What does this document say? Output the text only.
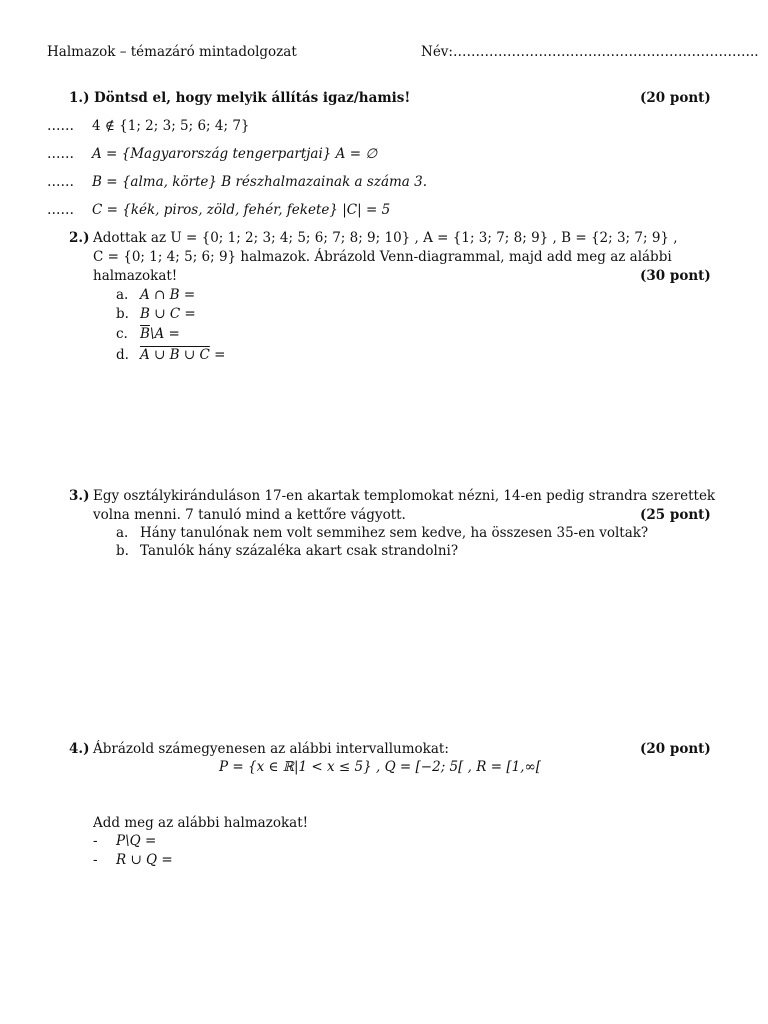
Halmazok – témazáró mintadolgozat	Név:…………………………………………………………..
1.) Döntsd el, hogy melyik állítás igaz/hamis!	(20 pont)
…… 4 ∉ {1; 2; 3; 5; 6; 4; 7}
…… A = {Magyarország tengerpartjai} A = ∅
…… B = {alma, körte} B részhalmazainak a száma 3.
…… C = {kék, piros, zöld, fehér, fekete} |C| = 5
2.) Adottak az U = {0; 1; 2; 3; 4; 5; 6; 7; 8; 9; 10} , A = {1; 3; 7; 8; 9} , B = {2; 3; 7; 9} ,
C = {0; 1; 4; 5; 6; 9} halmazok. Ábrázold Venn-diagrammal, majd add meg az alábbi
halmazokat!	(30 pont)
a. A ∩ B =
b. B ∪ C =
c. $\overline{B}\backslash A$ =
d. A ∪ B ∪ C =
3.) Egy osztálykiránduláson 17-en akartak templomokat nézni, 14-en pedig strandra szerettek
volna menni. 7 tanuló mind a kettőre vágyott.	(25 pont)
a. Hány tanulónak nem volt semmihez sem kedve, ha összesen 35-en voltak?
b. Tanulók hány százaléka akart csak strandolni?
4.) Ábrázold számegyenesen az alábbi intervallumokat:	(20 pont)
P = {x ∈ ℝ|1 < x ≤ 5} , Q = [−2; 5[ , R = [1,∞[
Add meg az alábbi halmazokat!
- P\Q =
- R ∪ Q =
